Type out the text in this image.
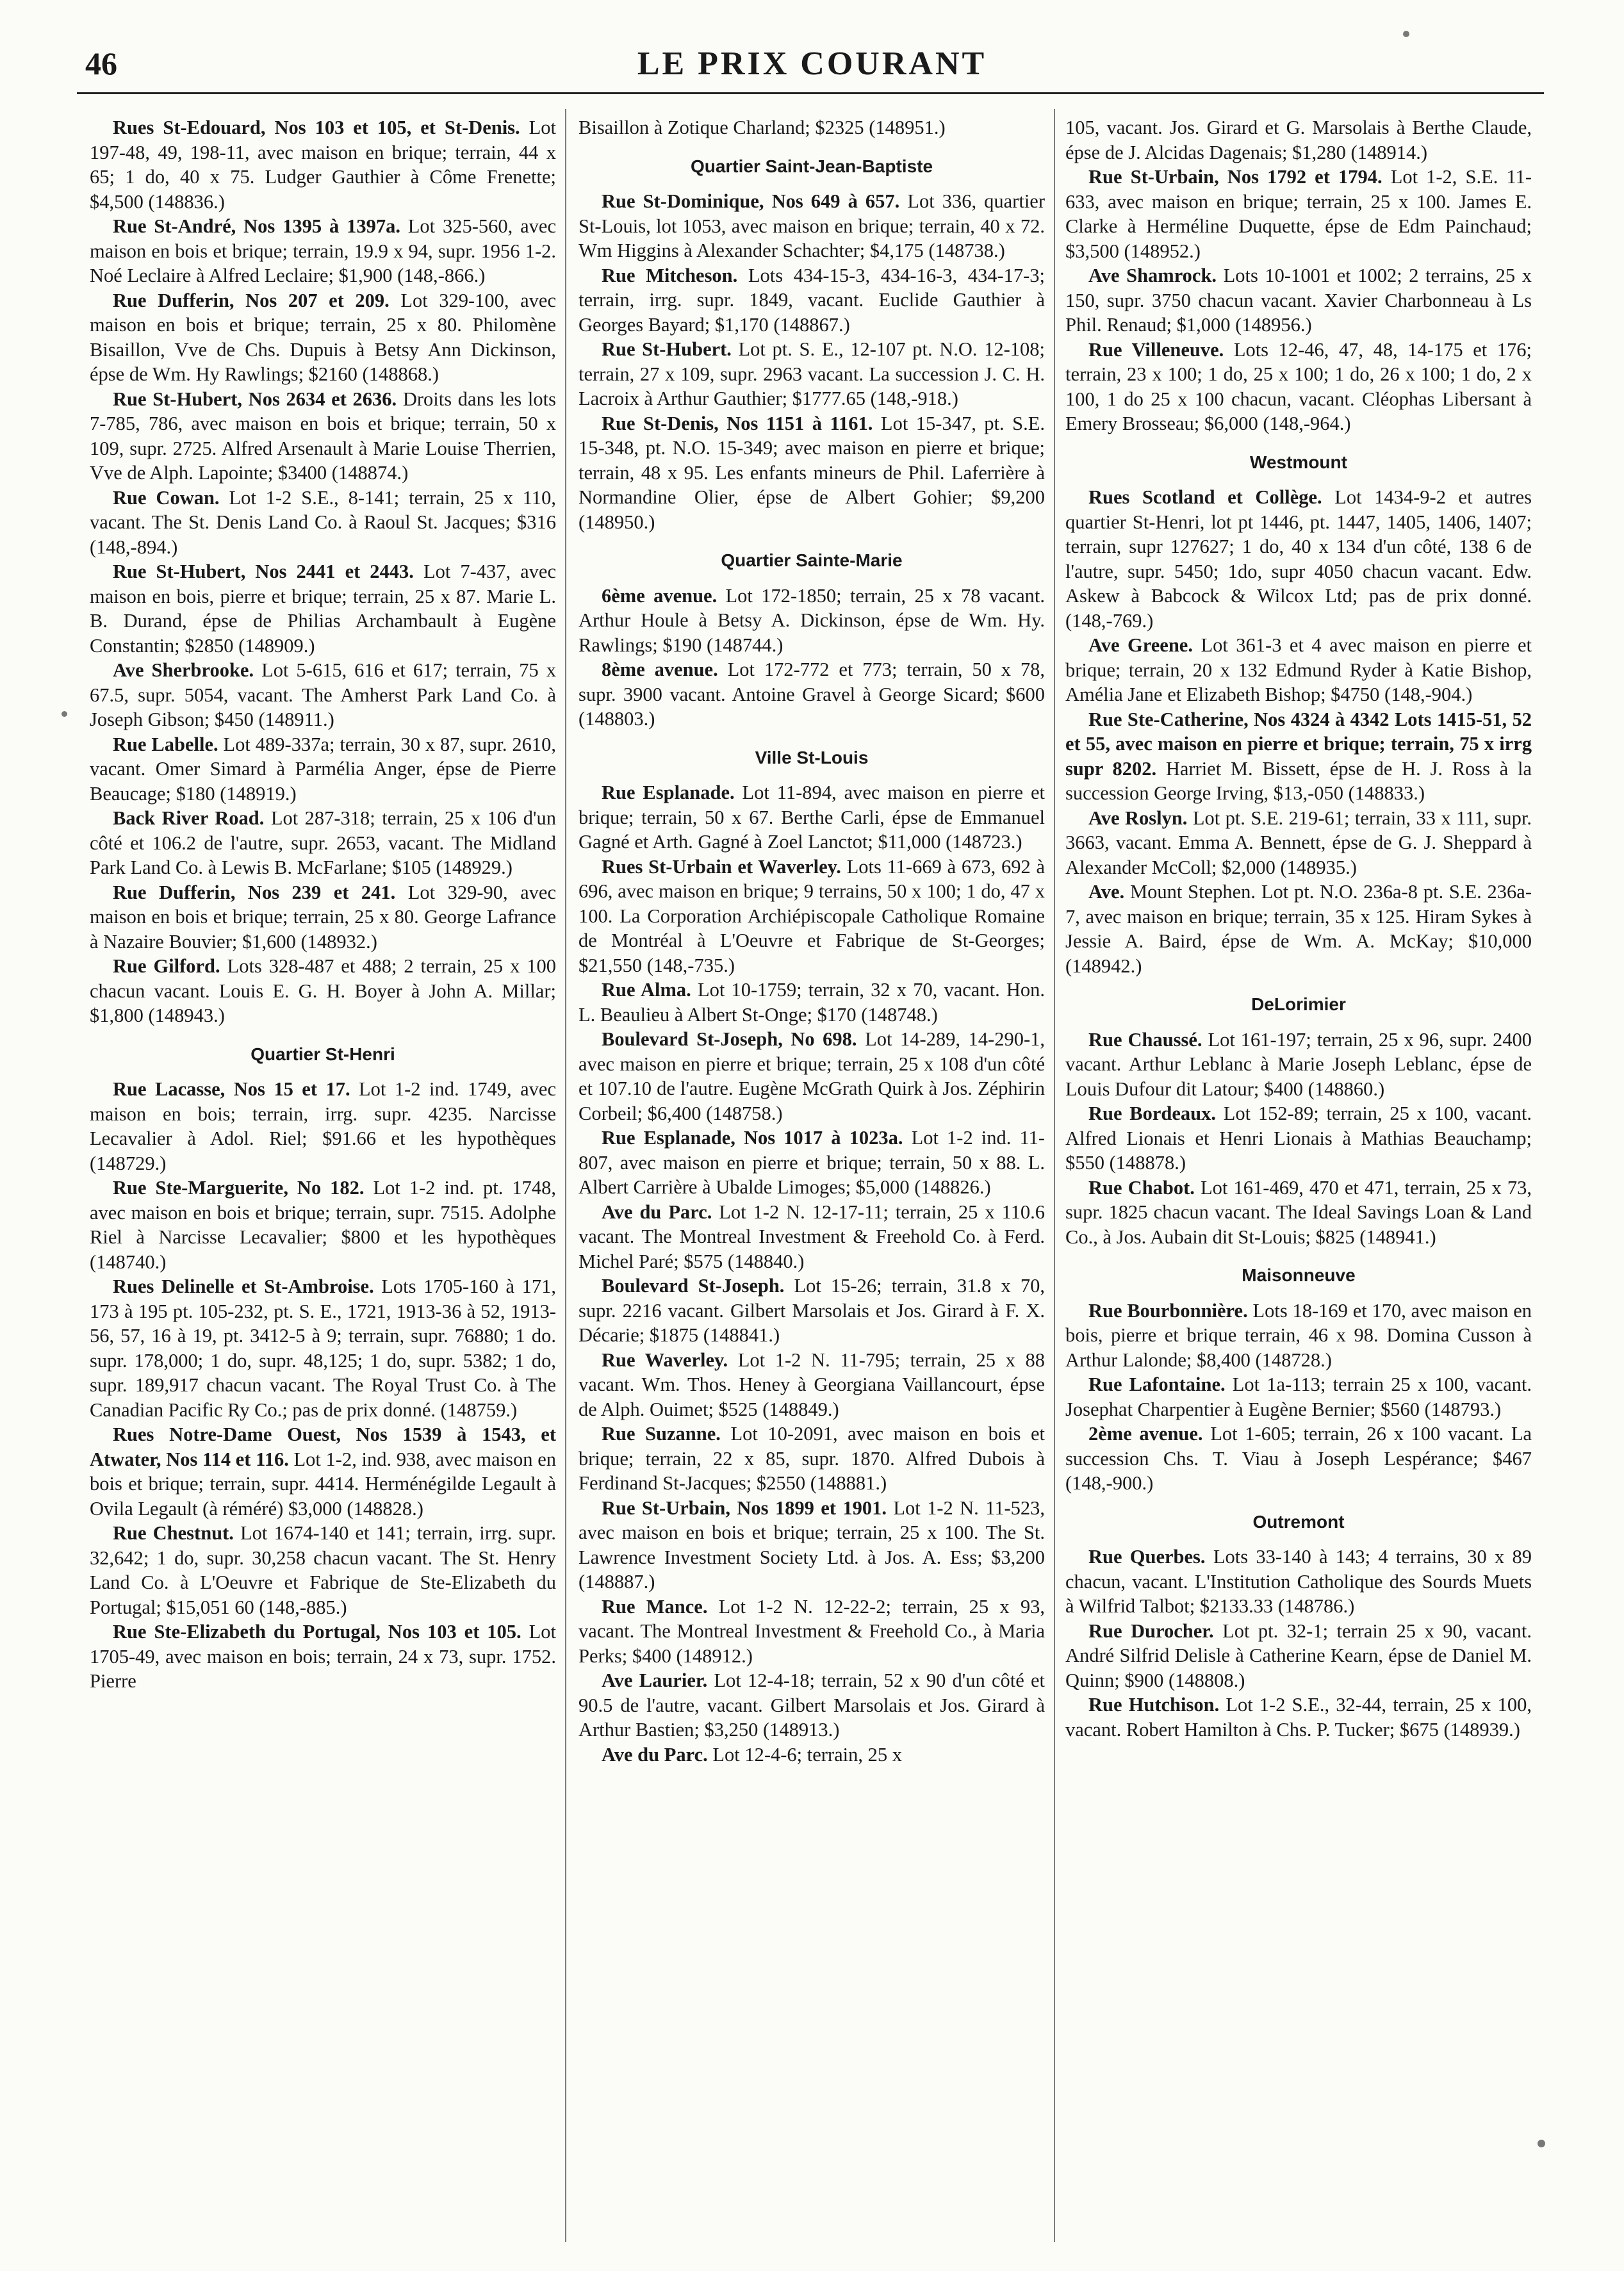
46	LE PRIX COURANT

Rues St-Edouard, Nos 103 et 105, et St-Denis. Lot 197-48, 49, 198-11, avec maison en brique; terrain, 44 x 65; 1 do, 40 x 75. Ludger Gauthier à Côme Frenette; $4,500 (148836.)

Rue St-André, Nos 1395 à 1397a. Lot 325-560, avec maison en bois et brique; terrain, 19.9 x 94, supr. 1956 1-2. Noé Leclaire à Alfred Leclaire; $1,900 (148,-866.)

Rue Dufferin, Nos 207 et 209. Lot 329-100, avec maison en bois et brique; terrain, 25 x 80. Philomène Bisaillon, Vve de Chs. Dupuis à Betsy Ann Dickinson, épse de Wm. Hy Rawlings; $2160 (148868.)

Rue St-Hubert, Nos 2634 et 2636. Droits dans les lots 7-785, 786, avec maison en bois et brique; terrain, 50 x 109, supr. 2725. Alfred Arsenault à Marie Louise Therrien, Vve de Alph. Lapointe; $3400 (148874.)

Rue Cowan. Lot 1-2 S.E., 8-141; terrain, 25 x 110, vacant. The St. Denis Land Co. à Raoul St. Jacques; $316 (148,-894.)

Rue St-Hubert, Nos 2441 et 2443. Lot 7-437, avec maison en bois, pierre et brique; terrain, 25 x 87. Marie L. B. Durand, épse de Philias Archambault à Eugène Constantin; $2850 (148909.)

Ave Sherbrooke. Lot 5-615, 616 et 617; terrain, 75 x 67.5, supr. 5054, vacant. The Amherst Park Land Co. à Joseph Gibson; $450 (148911.)

Rue Labelle. Lot 489-337a; terrain, 30 x 87, supr. 2610, vacant. Omer Simard à Parmélia Anger, épse de Pierre Beaucage; $180 (148919.)

Back River Road. Lot 287-318; terrain, 25 x 106 d'un côté et 106.2 de l'autre, supr. 2653, vacant. The Midland Park Land Co. à Lewis B. McFarlane; $105 (148929.)

Rue Dufferin, Nos 239 et 241. Lot 329-90, avec maison en bois et brique; terrain, 25 x 80. George Lafrance à Nazaire Bouvier; $1,600 (148932.)

Rue Gilford. Lots 328-487 et 488; 2 terrain, 25 x 100 chacun vacant. Louis E. G. H. Boyer à John A. Millar; $1,800 (148943.)

Quartier St-Henri

Rue Lacasse, Nos 15 et 17. Lot 1-2 ind. 1749, avec maison en bois; terrain, irrg. supr. 4235. Narcisse Lecavalier à Adol. Riel; $91.66 et les hypothèques (148729.)

Rue Ste-Marguerite, No 182. Lot 1-2 ind. pt. 1748, avec maison en bois et brique; terrain, supr. 7515. Adolphe Riel à Narcisse Lecavalier; $800 et les hypothèques (148740.)

Rues Delinelle et St-Ambroise. Lots 1705-160 à 171, 173 à 195 pt. 105-232, pt. S. E., 1721, 1913-36 à 52, 1913-56, 57, 16 à 19, pt. 3412-5 à 9; terrain, supr. 76880; 1 do. supr. 178,000; 1 do, supr. 48,125; 1 do, supr. 5382; 1 do, supr. 189,917 chacun vacant. The Royal Trust Co. à The Canadian Pacific Ry Co.; pas de prix donné. (148759.)

Rues Notre-Dame Ouest, Nos 1539 à 1543, et Atwater, Nos 114 et 116. Lot 1-2, ind. 938, avec maison en bois et brique; terrain, supr. 4414. Herménégilde Legault à Ovila Legault (à réméré) $3,000 (148828.)

Rue Chestnut. Lot 1674-140 et 141; terrain, irrg. supr. 32,642; 1 do, supr. 30,258 chacun vacant. The St. Henry Land Co. à L'Oeuvre et Fabrique de Ste-Elizabeth du Portugal; $15,051 60 (148,-885.)

Rue Ste-Elizabeth du Portugal, Nos 103 et 105. Lot 1705-49, avec maison en bois; terrain, 24 x 73, supr. 1752. Pierre

Bisaillon à Zotique Charland; $2325 (148951.)

Quartier Saint-Jean-Baptiste

Rue St-Dominique, Nos 649 à 657. Lot 336, quartier St-Louis, lot 1053, avec maison en brique; terrain, 40 x 72. Wm Higgins à Alexander Schachter; $4,175 (148738.)

Rue Mitcheson. Lots 434-15-3, 434-16-3, 434-17-3; terrain, irrg. supr. 1849, vacant. Euclide Gauthier à Georges Bayard; $1,170 (148867.)

Rue St-Hubert. Lot pt. S. E., 12-107 pt. N.O. 12-108; terrain, 27 x 109, supr. 2963 vacant. La succession J. C. H. Lacroix à Arthur Gauthier; $1777.65 (148,-918.)

Rue St-Denis, Nos 1151 à 1161. Lot 15-347, pt. S.E. 15-348, pt. N.O. 15-349; avec maison en pierre et brique; terrain, 48 x 95. Les enfants mineurs de Phil. Laferrière à Normandine Olier, épse de Albert Gohier; $9,200 (148950.)

Quartier Sainte-Marie

6ème avenue. Lot 172-1850; terrain, 25 x 78 vacant. Arthur Houle à Betsy A. Dickinson, épse de Wm. Hy. Rawlings; $190 (148744.)

8ème avenue. Lot 172-772 et 773; terrain, 50 x 78, supr. 3900 vacant. Antoine Gravel à George Sicard; $600 (148803.)

Ville St-Louis

Rue Esplanade. Lot 11-894, avec maison en pierre et brique; terrain, 50 x 67. Berthe Carli, épse de Emmanuel Gagné et Arth. Gagné à Zoel Lanctot; $11,000 (148723.)

Rues St-Urbain et Waverley. Lots 11-669 à 673, 692 à 696, avec maison en brique; 9 terrains, 50 x 100; 1 do, 47 x 100. La Corporation Archiépiscopale Catholique Romaine de Montréal à L'Oeuvre et Fabrique de St-Georges; $21,550 (148,-735.)

Rue Alma. Lot 10-1759; terrain, 32 x 70, vacant. Hon. L. Beaulieu à Albert St-Onge; $170 (148748.)

Boulevard St-Joseph, No 698. Lot 14-289, 14-290-1, avec maison en pierre et brique; terrain, 25 x 108 d'un côté et 107.10 de l'autre. Eugène McGrath Quirk à Jos. Zéphirin Corbeil; $6,400 (148758.)

Rue Esplanade, Nos 1017 à 1023a. Lot 1-2 ind. 11-807, avec maison en pierre et brique; terrain, 50 x 88. L. Albert Carrière à Ubalde Limoges; $5,000 (148826.)

Ave du Parc. Lot 1-2 N. 12-17-11; terrain, 25 x 110.6 vacant. The Montreal Investment & Freehold Co. à Ferd. Michel Paré; $575 (148840.)

Boulevard St-Joseph. Lot 15-26; terrain, 31.8 x 70, supr. 2216 vacant. Gilbert Marsolais et Jos. Girard à F. X. Décarie; $1875 (148841.)

Rue Waverley. Lot 1-2 N. 11-795; terrain, 25 x 88 vacant. Wm. Thos. Heney à Georgiana Vaillancourt, épse de Alph. Ouimet; $525 (148849.)

Rue Suzanne. Lot 10-2091, avec maison en bois et brique; terrain, 22 x 85, supr. 1870. Alfred Dubois à Ferdinand St-Jacques; $2550 (148881.)

Rue St-Urbain, Nos 1899 et 1901. Lot 1-2 N. 11-523, avec maison en bois et brique; terrain, 25 x 100. The St. Lawrence Investment Society Ltd. à Jos. A. Ess; $3,200 (148887.)

Rue Mance. Lot 1-2 N. 12-22-2; terrain, 25 x 93, vacant. The Montreal Investment & Freehold Co., à Maria Perks; $400 (148912.)

Ave Laurier. Lot 12-4-18; terrain, 52 x 90 d'un côté et 90.5 de l'autre, vacant. Gilbert Marsolais et Jos. Girard à Arthur Bastien; $3,250 (148913.)

Ave du Parc. Lot 12-4-6; terrain, 25 x

105, vacant. Jos. Girard et G. Marsolais à Berthe Claude, épse de J. Alcidas Dagenais; $1,280 (148914.)

Rue St-Urbain, Nos 1792 et 1794. Lot 1-2, S.E. 11-633, avec maison en brique; terrain, 25 x 100. James E. Clarke à Herméline Duquette, épse de Edm Painchaud; $3,500 (148952.)

Ave Shamrock. Lots 10-1001 et 1002; 2 terrains, 25 x 150, supr. 3750 chacun vacant. Xavier Charbonneau à Ls Phil. Renaud; $1,000 (148956.)

Rue Villeneuve. Lots 12-46, 47, 48, 14-175 et 176; terrain, 23 x 100; 1 do, 25 x 100; 1 do, 26 x 100; 1 do, 2 x 100, 1 do 25 x 100 chacun, vacant. Cléophas Libersant à Emery Brosseau; $6,000 (148,-964.)

Westmount

Rues Scotland et Collège. Lot 1434-9-2 et autres quartier St-Henri, lot pt 1446, pt. 1447, 1405, 1406, 1407; terrain, supr 127627; 1 do, 40 x 134 d'un côté, 138 6 de l'autre, supr. 5450; 1do, supr 4050 chacun vacant. Edw. Askew à Babcock & Wilcox Ltd; pas de prix donné. (148,-769.)

Ave Greene. Lot 361-3 et 4 avec maison en pierre et brique; terrain, 20 x 132 Edmund Ryder à Katie Bishop, Amélia Jane et Elizabeth Bishop; $4750 (148,-904.)

Rue Ste-Catherine, Nos 4324 à 4342 Lots 1415-51, 52 et 55, avec maison en pierre et brique; terrain, 75 x irrg supr 8202. Harriet M. Bissett, épse de H. J. Ross à la succession George Irving, $13,-050 (148833.)

Ave Roslyn. Lot pt. S.E. 219-61; terrain, 33 x 111, supr. 3663, vacant. Emma A. Bennett, épse de G. J. Sheppard à Alexander McColl; $2,000 (148935.)

Ave. Mount Stephen. Lot pt. N.O. 236a-8 pt. S.E. 236a-7, avec maison en brique; terrain, 35 x 125. Hiram Sykes à Jessie A. Baird, épse de Wm. A. McKay; $10,000 (148942.)

DeLorimier

Rue Chaussé. Lot 161-197; terrain, 25 x 96, supr. 2400 vacant. Arthur Leblanc à Marie Joseph Leblanc, épse de Louis Dufour dit Latour; $400 (148860.)

Rue Bordeaux. Lot 152-89; terrain, 25 x 100, vacant. Alfred Lionais et Henri Lionais à Mathias Beauchamp; $550 (148878.)

Rue Chabot. Lot 161-469, 470 et 471, terrain, 25 x 73, supr. 1825 chacun vacant. The Ideal Savings Loan & Land Co., à Jos. Aubain dit St-Louis; $825 (148941.)

Maisonneuve

Rue Bourbonnière. Lots 18-169 et 170, avec maison en bois, pierre et brique terrain, 46 x 98. Domina Cusson à Arthur Lalonde; $8,400 (148728.)

Rue Lafontaine. Lot 1a-113; terrain 25 x 100, vacant. Josephat Charpentier à Eugène Bernier; $560 (148793.)

2ème avenue. Lot 1-605; terrain, 26 x 100 vacant. La succession Chs. T. Viau à Joseph Lespérance; $467 (148,-900.)

Outremont

Rue Querbes. Lots 33-140 à 143; 4 terrains, 30 x 89 chacun, vacant. L'Institution Catholique des Sourds Muets à Wilfrid Talbot; $2133.33 (148786.)

Rue Durocher. Lot pt. 32-1; terrain 25 x 90, vacant. André Silfrid Delisle à Catherine Kearn, épse de Daniel M. Quinn; $900 (148808.)

Rue Hutchison. Lot 1-2 S.E., 32-44, terrain, 25 x 100, vacant. Robert Hamilton à Chs. P. Tucker; $675 (148939.)
